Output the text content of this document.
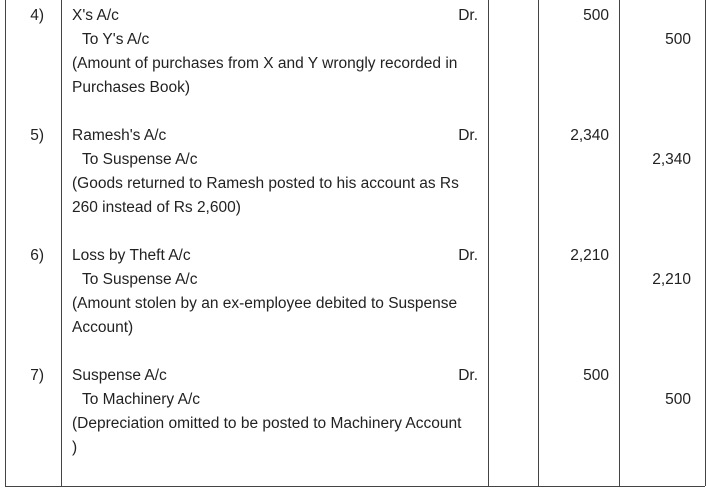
4) X's A/c	Dr.	500
To Y's A/c	500
(Amount of purchases from X and Y wrongly recorded in
Purchases Book)
5) Ramesh's A/c	Dr.	2,340
To Suspense A/c	2,340
(Goods returned to Ramesh posted to his account as Rs
260 instead of Rs 2,600)
6) Loss by Theft A/c	Dr.	2,210
To Suspense A/c	2,210
(Amount stolen by an ex-employee debited to Suspense
Account)
7) Suspense A/c	Dr.	500
To Machinery A/c	500
(Depreciation omitted to be posted to Machinery Account
)
